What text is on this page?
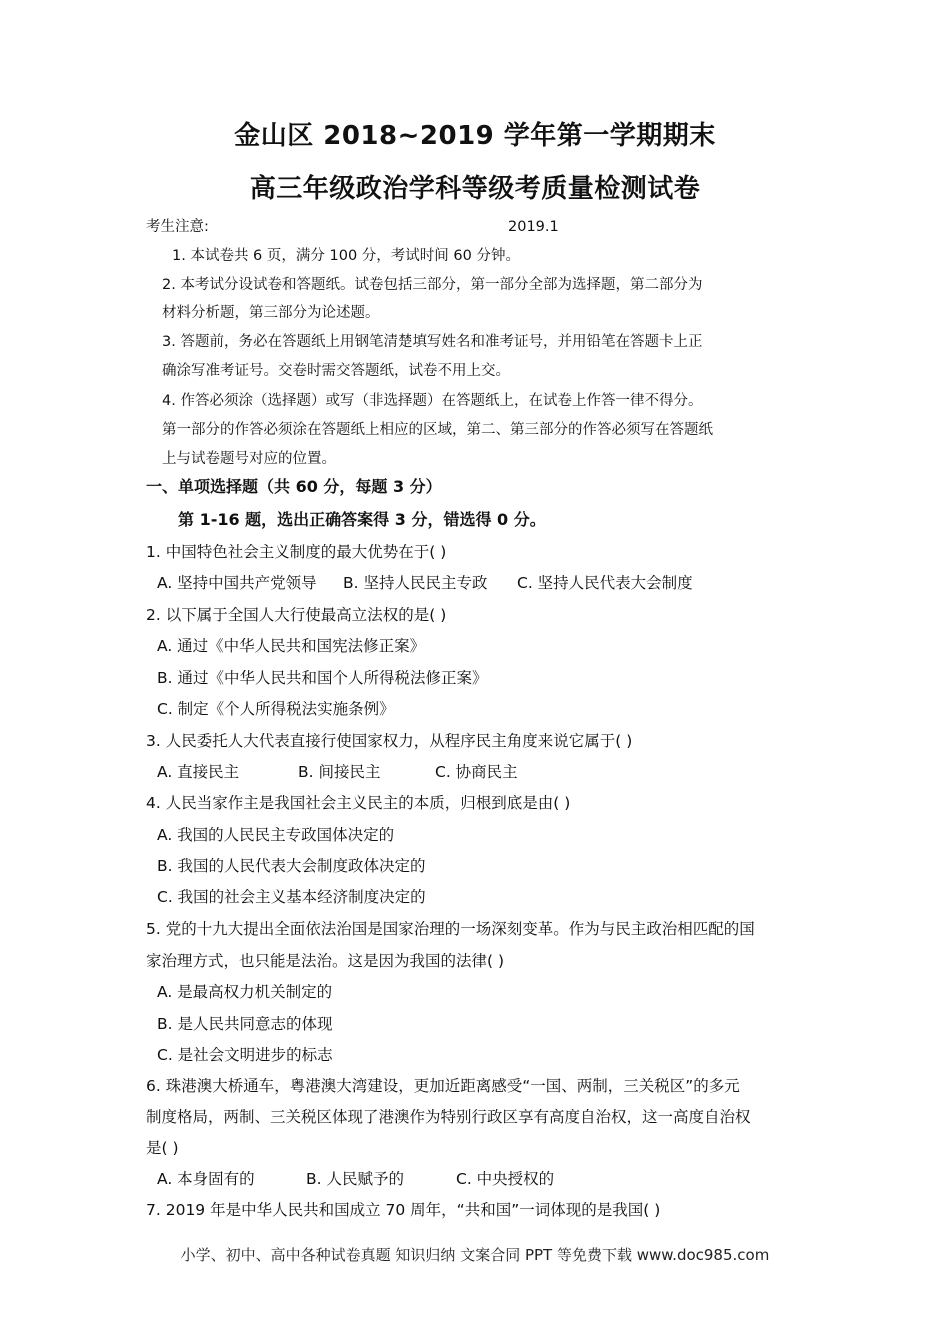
金山区 2018~2019 学年第一学期期末
高三年级政治学科等级考质量检测试卷
考生注意:	2019.1
1. 本试卷共 6 页，满分 100 分，考试时间 60 分钟。
2. 本考试分设试卷和答题纸。试卷包括三部分，第一部分全部为选择题，第二部分为
材料分析题，第三部分为论述题。
3. 答题前，务必在答题纸上用钢笔清楚填写姓名和准考证号，并用铅笔在答题卡上正
确涂写准考证号。交卷时需交答题纸，试卷不用上交。
4. 作答必须涂（选择题）或写（非选择题）在答题纸上，在试卷上作答一律不得分。
第一部分的作答必须涂在答题纸上相应的区域，第二、第三部分的作答必须写在答题纸
上与试卷题号对应的位置。
一、单项选择题（共 60 分，每题 3 分）
第 1-16 题，选出正确答案得 3 分，错选得 0 分。
1. 中国特色社会主义制度的最大优势在于( )
A. 坚持中国共产党领导 B. 坚持人民民主专政 C. 坚持人民代表大会制度
2. 以下属于全国人大行使最高立法权的是( )
A. 通过《中华人民共和国宪法修正案》
B. 通过《中华人民共和国个人所得税法修正案》
C. 制定《个人所得税法实施条例》
3. 人民委托人大代表直接行使国家权力，从程序民主角度来说它属于( )
A. 直接民主	B. 间接民主	C. 协商民主
4. 人民当家作主是我国社会主义民主的本质，归根到底是由( )
A. 我国的人民民主专政国体决定的
B. 我国的人民代表大会制度政体决定的
C. 我国的社会主义基本经济制度决定的
5. 党的十九大提出全面依法治国是国家治理的一场深刻变革。作为与民主政治相匹配的国
家治理方式，也只能是法治。这是因为我国的法律( )
A. 是最高权力机关制定的
B. 是人民共同意志的体现
C. 是社会文明进步的标志
6. 珠港澳大桥通车，粤港澳大湾建设，更加近距离感受“一国、两制，三关税区”的多元
制度格局，两制、三关税区体现了港澳作为特别行政区享有高度自治权，这一高度自治权
是( )
A. 本身固有的	B. 人民赋予的	C. 中央授权的
7. 2019 年是中华人民共和国成立 70 周年，“共和国”一词体现的是我国( )
小学、初中、高中各种试卷真题 知识归纳 文案合同 PPT 等免费下载 www.doc985.com
